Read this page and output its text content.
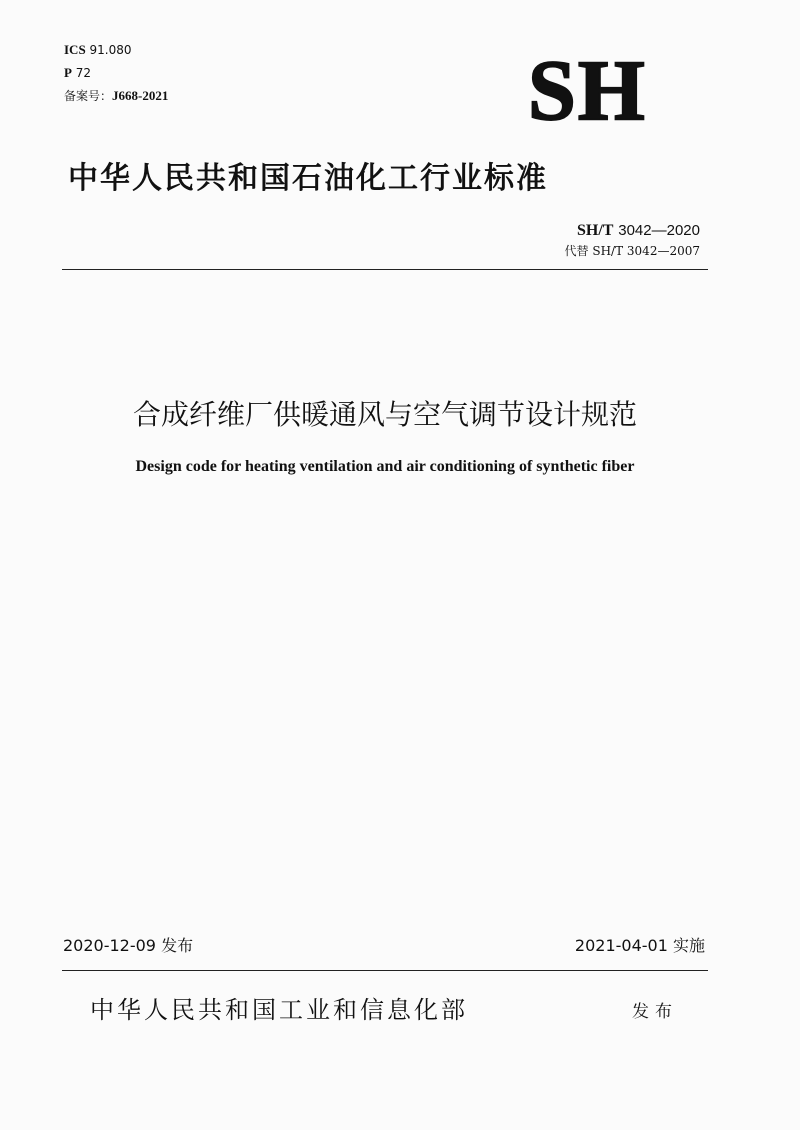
ICS 91.080
P 72
备案号：J668-2021	SH
中华人民共和国石油化工行业标准
SH/T 3042—2020
代替 SH/T 3042—2007
合成纤维厂供暖通风与空气调节设计规范
Design code for heating ventilation and air conditioning of synthetic fiber
2020-12-09 发布	2021-04-01 实施
中华人民共和国工业和信息化部	发布
